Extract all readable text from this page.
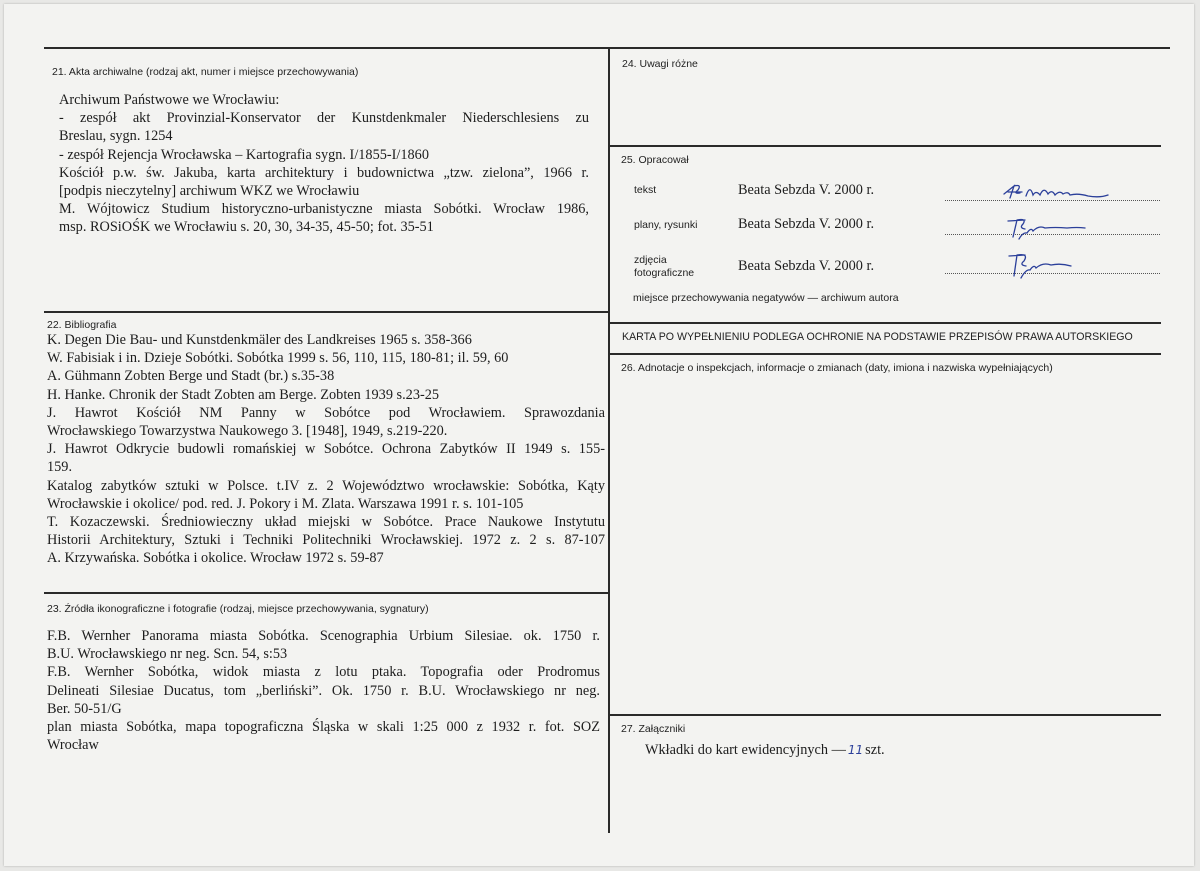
21. Akta archiwalne (rodzaj akt, numer i miejsce przechowywania)
Archiwum Państwowe we Wrocławiu:
- zespół akt Provinzial-Konservator der Kunstdenkmaler Niederschlesiens zu
Breslau, sygn. 1254
- zespół Rejencja Wrocławska – Kartografia sygn. I/1855-I/1860
Kościół p.w. św. Jakuba, karta architektury i budownictwa „tzw. zielona”, 1966 r.
[podpis nieczytelny] archiwum WKZ we Wrocławiu
M. Wójtowicz Studium historyczno-urbanistyczne miasta Sobótki. Wrocław 1986,
msp. ROSiOŚK we Wrocławiu s. 20, 30, 34-35, 45-50; fot. 35-51
22. Bibliografia
K. Degen Die Bau- und Kunstdenkmäler des Landkreises 1965 s. 358-366
W. Fabisiak i in. Dzieje Sobótki. Sobótka 1999 s. 56, 110, 115, 180-81; il. 59, 60
A. Gühmann Zobten Berge und Stadt (br.) s.35-38
H. Hanke. Chronik der Stadt Zobten am Berge. Zobten 1939 s.23-25
J. Hawrot Kościół NM Panny w Sobótce pod Wrocławiem. Sprawozdania
Wrocławskiego Towarzystwa Naukowego 3. [1948], 1949, s.219-220.
J. Hawrot Odkrycie budowli romańskiej w Sobótce. Ochrona Zabytków II 1949 s. 155-
159.
Katalog zabytków sztuki w Polsce. t.IV z. 2 Województwo wrocławskie: Sobótka, Kąty
Wrocławskie i okolice/ pod. red. J. Pokory i M. Zlata. Warszawa 1991 r. s. 101-105
T. Kozaczewski. Średniowieczny układ miejski w Sobótce. Prace Naukowe Instytutu
Historii Architektury, Sztuki i Techniki Politechniki Wrocławskiej. 1972 z. 2 s. 87-107
A. Krzywańska. Sobótka i okolice. Wrocław 1972 s. 59-87
23. Źródła ikonograficzne i fotografie (rodzaj, miejsce przechowywania, sygnatury)
F.B. Wernher Panorama miasta Sobótka. Scenographia Urbium Silesiae. ok. 1750 r.
B.U. Wrocławskiego nr neg. Scn. 54, s:53
F.B. Wernher Sobótka, widok miasta z lotu ptaka. Topografia oder Prodromus
Delineati Silesiae Ducatus, tom „berliński”. Ok. 1750 r. B.U. Wrocławskiego nr neg.
Ber. 50-51/G
plan miasta Sobótka, mapa topograficzna Śląska w skali 1:25 000 z 1932 r. fot. SOZ
Wrocław
24. Uwagi różne
25. Opracował
tekst	Beata Sebzda V. 2000 r.
plany, rysunki	Beata Sebzda V. 2000 r.
zdjęcia
fotograficzne	Beata Sebzda V. 2000 r.
miejsce przechowywania negatywów — archiwum autora
KARTA PO WYPEŁNIENIU PODLEGA OCHRONIE NA PODSTAWIE PRZEPISÓW PRAWA AUTORSKIEGO
26. Adnotacje o inspekcjach, informacje o zmianach (daty, imiona i nazwiska wypełniających)
27. Załączniki
Wkładki do kart ewidencyjnych — 11 szt.
